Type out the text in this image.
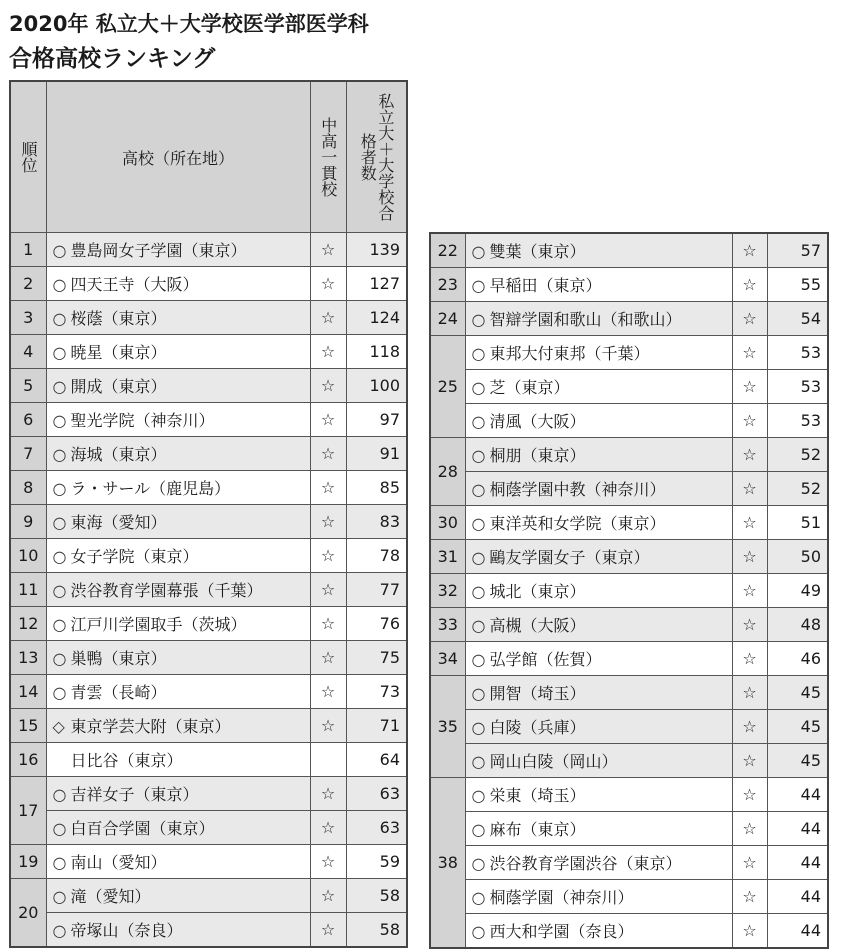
2020年 私立大＋大学校医学部医学科
合格高校ランキング
順位	高校（所在地）	中高一貫校	私立大＋大学校合格者数

1	○ 豊島岡女子学園（東京）	☆	139
2	○ 四天王寺（大阪）	☆	127
3	○ 桜蔭（東京）	☆	124
4	○ 暁星（東京）	☆	118
5	○ 開成（東京）	☆	100
6	○ 聖光学院（神奈川）	☆	97
7	○ 海城（東京）	☆	91
8	○ ラ・サール（鹿児島）	☆	85
9	○ 東海（愛知）	☆	83
10	○ 女子学院（東京）	☆	78
11	○ 渋谷教育学園幕張（千葉）	☆	77
12	○ 江戸川学園取手（茨城）	☆	76
13	○ 巣鴨（東京）	☆	75
14	○ 青雲（長崎）	☆	73
15	◇ 東京学芸大附（東京）	☆	71
16	日比谷（東京）		64
17	○ 吉祥女子（東京）	☆	63
	○ 白百合学園（東京）	☆	63
19	○ 南山（愛知）	☆	59
20	○ 滝（愛知）	☆	58
	○ 帝塚山（奈良）	☆	58
22	○ 雙葉（東京）	☆	57
23	○ 早稲田（東京）	☆	55
24	○ 智辯学園和歌山（和歌山）	☆	54
25	○ 東邦大付東邦（千葉）	☆	53
	○ 芝（東京）	☆	53
	○ 清風（大阪）	☆	53
28	○ 桐朋（東京）	☆	52
	○ 桐蔭学園中教（神奈川）	☆	52
30	○ 東洋英和女学院（東京）	☆	51
31	○ 鷗友学園女子（東京）	☆	50
32	○ 城北（東京）	☆	49
33	○ 高槻（大阪）	☆	48
34	○ 弘学館（佐賀）	☆	46
35	○ 開智（埼玉）	☆	45
	○ 白陵（兵庫）	☆	45
	○ 岡山白陵（岡山）	☆	45
38	○ 栄東（埼玉）	☆	44
	○ 麻布（東京）	☆	44
	○ 渋谷教育学園渋谷（東京）	☆	44
	○ 桐蔭学園（神奈川）	☆	44
	○ 西大和学園（奈良）	☆	44
